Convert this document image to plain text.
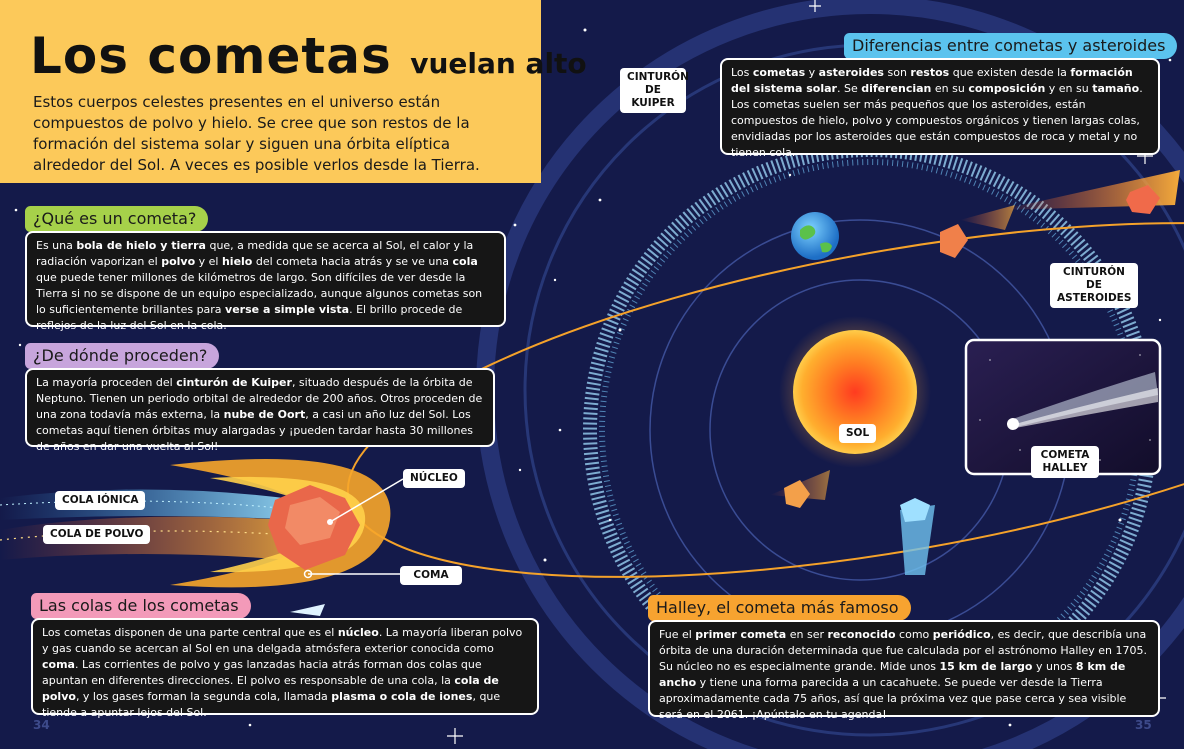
Los cometas vuelan alto
Estos cuerpos celestes presentes en el universo están compuestos de polvo y hielo. Se cree que son restos de la formación del sistema solar y siguen una órbita elíptica alrededor del Sol. A veces es posible verlos desde la Tierra.
¿Qué es un cometa?
Es una bola de hielo y tierra que, a medida que se acerca al Sol, el calor y la radiación vaporizan el polvo y el hielo del cometa hacia atrás y se ve una cola que puede tener millones de kilómetros de largo. Son difíciles de ver desde la Tierra si no se dispone de un equipo especializado, aunque algunos cometas son lo suficientemente brillantes para verse a simple vista. El brillo procede de reflejos de la luz del Sol en la cola.
¿De dónde proceden?
La mayoría proceden del cinturón de Kuiper, situado después de la órbita de Neptuno. Tienen un periodo orbital de alrededor de 200 años. Otros proceden de una zona todavía más externa, la nube de Oort, a casi un año luz del Sol. Los cometas aquí tienen órbitas muy alargadas y ¡pueden tardar hasta 30 millones de años en dar una vuelta al Sol!
NÚCLEO
COMA
COLA IÓNICA
COLA DE POLVO
Las colas de los cometas
Los cometas disponen de una parte central que es el núcleo. La mayoría liberan polvo y gas cuando se acercan al Sol en una delgada atmósfera exterior conocida como coma. Las corrientes de polvo y gas lanzadas hacia atrás forman dos colas que apuntan en diferentes direcciones. El polvo es responsable de una cola, la cola de polvo, y los gases forman la segunda cola, llamada plasma o cola de iones, que tiende a apuntar lejos del Sol.
Diferencias entre cometas y asteroides
Los cometas y asteroides son restos que existen desde la formación del sistema solar. Se diferencian en su composición y en su tamaño. Los cometas suelen ser más pequeños que los asteroides, están compuestos de hielo, polvo y compuestos orgánicos y tienen largas colas, envidiadas por los asteroides que están compuestos de roca y metal y no tienen cola.
CINTURÓN DE KUIPER
CINTURÓN DE ASTEROIDES
SOL
COMETA HALLEY
Halley, el cometa más famoso
Fue el primer cometa en ser reconocido como periódico, es decir, que describía una órbita de una duración determinada que fue calculada por el astrónomo Halley en 1705. Su núcleo no es especialmente grande. Mide unos 15 km de largo y unos 8 km de ancho y tiene una forma parecida a un cacahuete. Se puede ver desde la Tierra aproximadamente cada 75 años, así que la próxima vez que pase cerca y sea visible será en el 2061. ¡Apúntalo en tu agenda!
34	35
